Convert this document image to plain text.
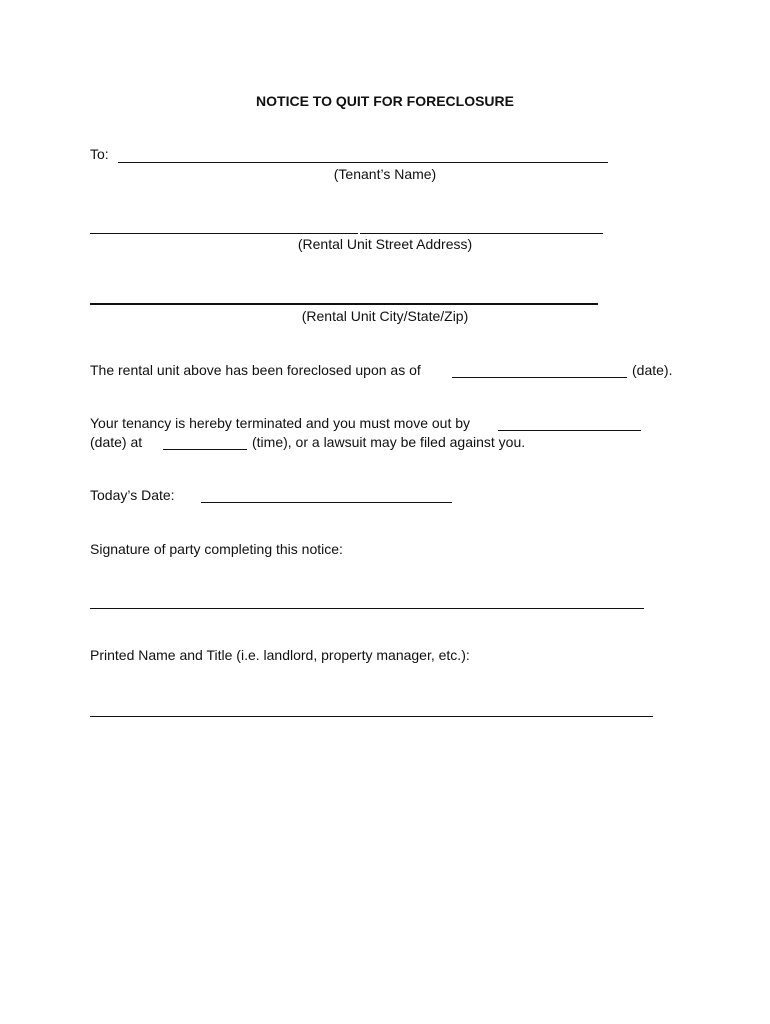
NOTICE TO QUIT FOR FORECLOSURE
To:
(Tenant’s Name)
(Rental Unit Street Address)
(Rental Unit City/State/Zip)
The rental unit above has been foreclosed upon as of	(date).
Your tenancy is hereby terminated and you must move out by
(date) at	(time), or a lawsuit may be filed against you.
Today’s Date:
Signature of party completing this notice:
Printed Name and Title (i.e. landlord, property manager, etc.):
